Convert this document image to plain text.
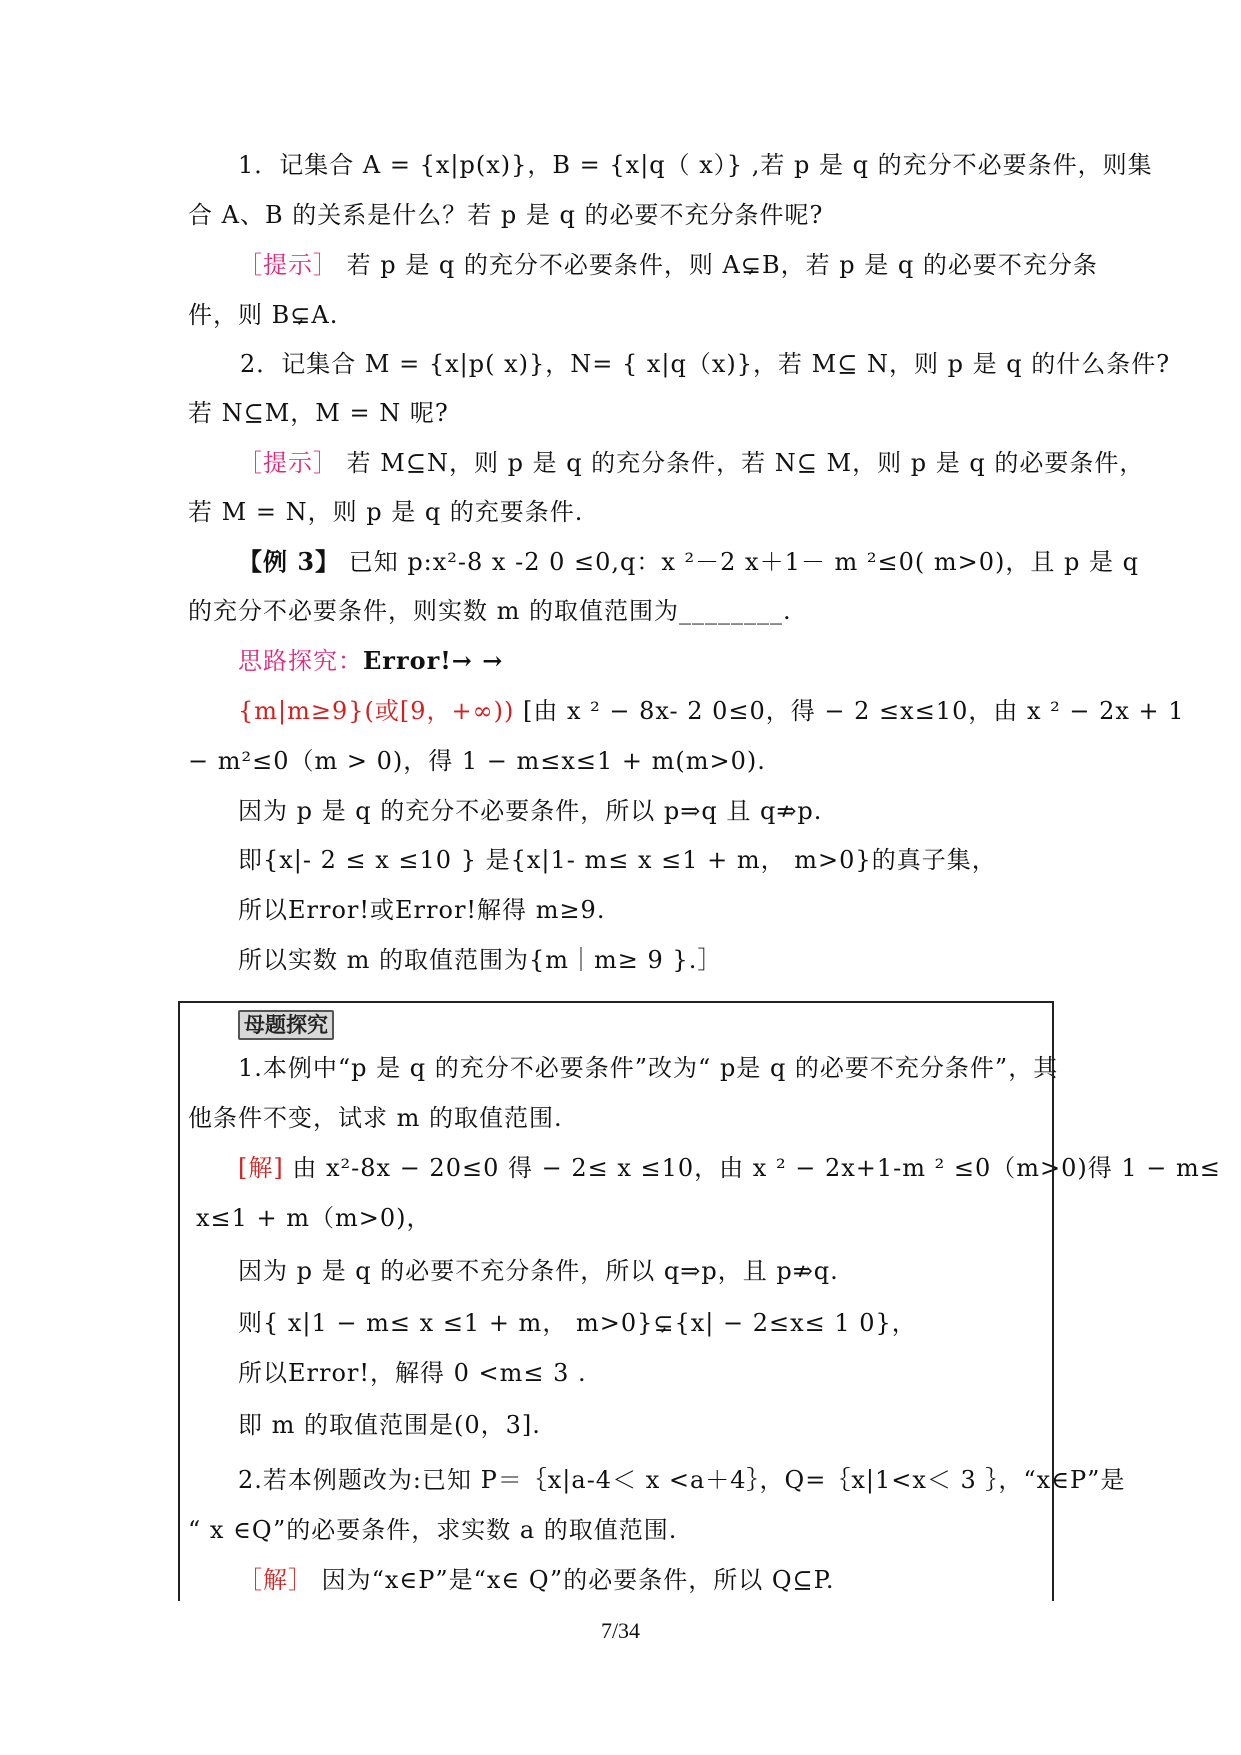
1．记集合 A = {x|p(x)}，B = {x|q（ x）} ,若 p 是 q 的充分不必要条件，则集
合 A、B 的关系是什么？若 p 是 q 的必要不充分条件呢?
［提示］ 若 p 是 q 的充分不必要条件，则 A⊊B，若 p 是 q 的必要不充分条
件，则 B⊊A.
2．记集合 M = {x|p( x)}，N= { x|q（x)}，若 M⊆ N，则 p 是 q 的什么条件?
若 N⊆M，M = N 呢?
［提示］ 若 M⊆N，则 p 是 q 的充分条件，若 N⊆ M，则 p 是 q 的必要条件，
若 M = N，则 p 是 q 的充要条件.
【例 3】 已知 p:x²-8 x -2 0 ≤0,q：x ²－2 x＋1－ m ²≤0( m>0)，且 p 是 q
的充分不必要条件，则实数 m 的取值范围为________.
思路探究：Error!→ →
{m|m≥9}(或[9，+∞)) [由 x ² − 8x- 2 0≤0，得 − 2 ≤x≤10，由 x ² − 2x + 1
− m²≤0（m > 0)，得 1 − m≤x≤1 + m(m>0).
因为 p 是 q 的充分不必要条件，所以 p⇒q 且 q⇏p.
即{x|- 2 ≤ x ≤10 } 是{x|1- m≤ x ≤1 + m， m>0}的真子集，
所以Error!或Error!解得 m≥9.
所以实数 m 的取值范围为{m｜m≥ 9 }.］
1.本例中“p 是 q 的充分不必要条件”改为“ p是 q 的必要不充分条件”，其
他条件不变，试求 m 的取值范围.
[解] 由 x²-8x − 20≤0 得 − 2≤ x ≤10，由 x ² − 2x+1-m ² ≤0（m>0)得 1 − m≤
x≤1 + m（m>0)，
因为 p 是 q 的必要不充分条件，所以 q⇒p，且 p⇏q.
则{ x|1 − m≤ x ≤1 + m， m>0}⊊{x| − 2≤x≤ 1 0}，
所以Error!，解得 0 <m≤ 3 .
即 m 的取值范围是(0，3].
2.若本例题改为:已知 P＝｛x|a-4＜ x <a＋4｝，Q=｛x|1<x＜ 3 ｝，“x∈P”是
“ x ∈Q”的必要条件，求实数 a 的取值范围.
［解］ 因为“x∈P”是“x∈ Q”的必要条件，所以 Q⊆P.
母题探究
7/34
